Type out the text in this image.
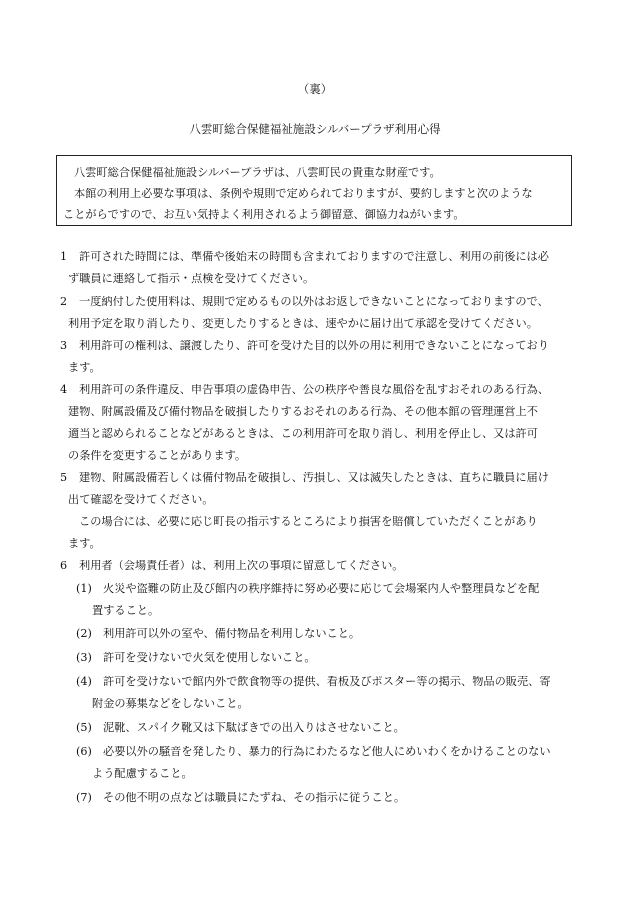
（裏）
八雲町総合保健福祉施設シルバープラザ利用心得
八雲町総合保健福祉施設シルバープラザは、八雲町民の貴重な財産です。
本館の利用上必要な事項は、条例や規則で定められておりますが、要約しますと次のような
ことがらですので、お互い気持よく利用されるよう御留意、御協力ねがいます。
1 許可された時間には、準備や後始末の時間も含まれておりますので注意し、利用の前後には必
ず職員に連絡して指示・点検を受けてください。
2 一度納付した使用料は、規則で定めるもの以外はお返しできないことになっておりますので、
利用予定を取り消したり、変更したりするときは、速やかに届け出て承認を受けてください。
3 利用許可の権利は、譲渡したり、許可を受けた目的以外の用に利用できないことになっており
ます。
4 利用許可の条件違反、申告事項の虚偽申告、公の秩序や善良な風俗を乱すおそれのある行為、
建物、附属設備及び備付物品を破損したりするおそれのある行為、その他本館の管理運営上不
適当と認められることなどがあるときは、この利用許可を取り消し、利用を停止し、又は許可
の条件を変更することがあります。
5 建物、附属設備若しくは備付物品を破損し、汚損し、又は滅失したときは、直ちに職員に届け
出て確認を受けてください。
この場合には、必要に応じ町長の指示するところにより損害を賠償していただくことがあり
ます。
6 利用者（会場責任者）は、利用上次の事項に留意してください。
(1) 火災や盗難の防止及び館内の秩序維持に努め必要に応じて会場案内人や整理員などを配
置すること。
(2) 利用許可以外の室や、備付物品を利用しないこと。
(3) 許可を受けないで火気を使用しないこと。
(4) 許可を受けないで館内外で飲食物等の提供、看板及びポスター等の掲示、物品の販売、寄
附金の募集などをしないこと。
(5) 泥靴、スパイク靴又は下駄ばきでの出入りはさせないこと。
(6) 必要以外の騒音を発したり、暴力的行為にわたるなど他人にめいわくをかけることのない
よう配慮すること。
(7) その他不明の点などは職員にたずね、その指示に従うこと。
